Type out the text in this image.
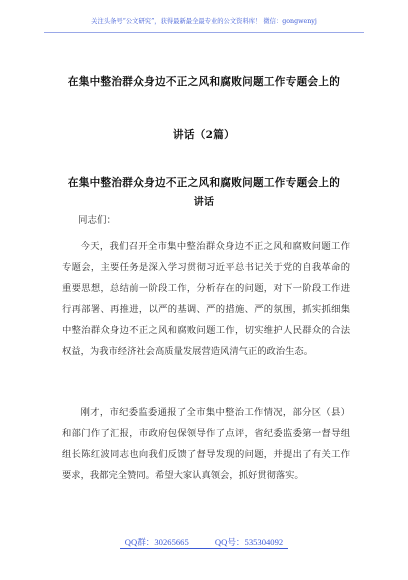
关注头条号“公文研究”，获得最新最全最专业的公文资料库！ 微信：gongwenyj
在集中整治群众身边不正之风和腐败问题工作专题会上的
讲话（2篇）
在集中整治群众身边不正之风和腐败问题工作专题会上的
讲话
同志们：
今天，我们召开全市集中整治群众身边不正之风和腐败问题工作专题会，主要任务是深入学习贯彻习近平总书记关于党的自我革命的重要思想，总结前一阶段工作，分析存在的问题，对下一阶段工作进行再部署、再推进，以严的基调、严的措施、严的氛围，抓实抓细集中整治群众身边不正之风和腐败问题工作，切实维护人民群众的合法权益，为我市经济社会高质量发展营造风清气正的政治生态。
刚才，市纪委监委通报了全市集中整治工作情况，部分区（县）和部门作了汇报，市政府包保领导作了点评，省纪委监委第一督导组组长陈红波同志也向我们反馈了督导发现的问题，并提出了有关工作要求，我都完全赞同。希望大家认真领会，抓好贯彻落实。
QQ群：30265665	QQ号：535304092
